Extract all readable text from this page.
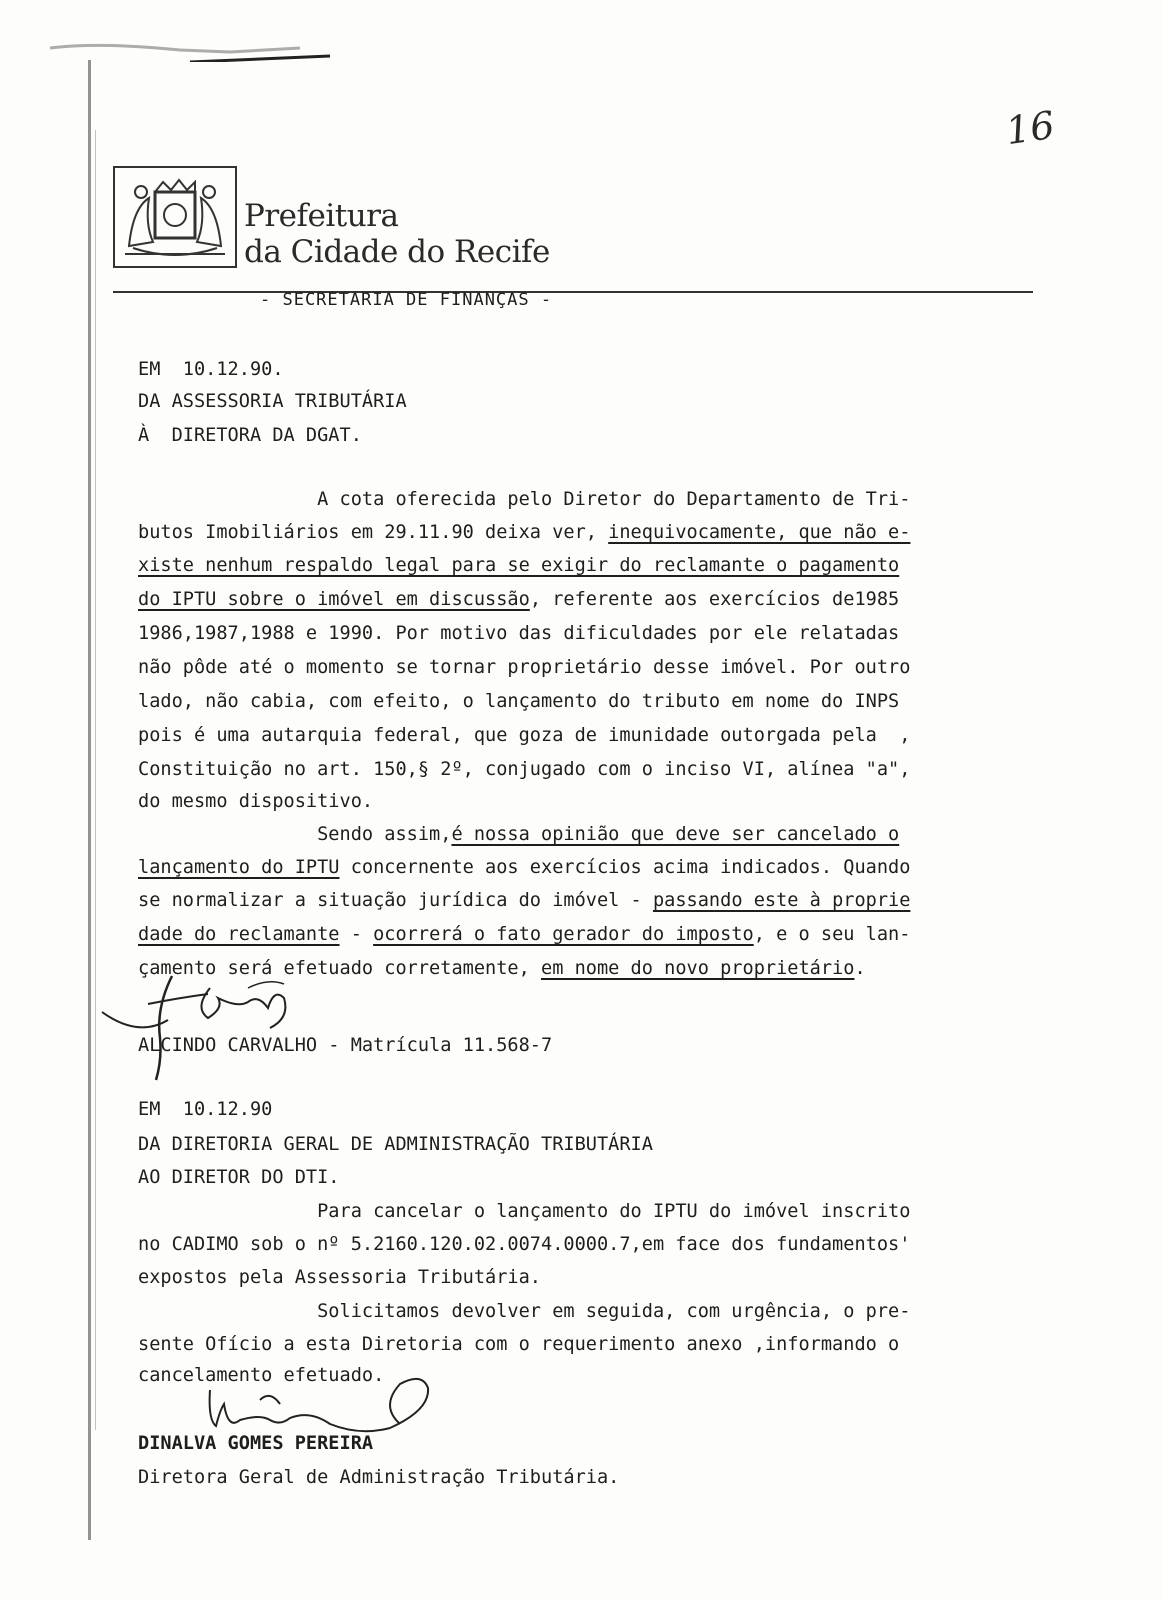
16
Prefeitura
da Cidade do Recife
- SECRETARIA DE FINANÇAS -
EM  10.12.90.
DA ASSESSORIA TRIBUTÁRIA
À  DIRETORA DA DGAT.
A cota oferecida pelo Diretor do Departamento de Tri-
butos Imobiliários em 29.11.90 deixa ver, inequivocamente, que não e-
xiste nenhum respaldo legal para se exigir do reclamante o pagamento
do IPTU sobre o imóvel em discussão, referente aos exercícios de1985
1986,1987,1988 e 1990. Por motivo das dificuldades por ele relatadas
não pôde até o momento se tornar proprietário desse imóvel. Por outro
lado, não cabia, com efeito, o lançamento do tributo em nome do INPS
pois é uma autarquia federal, que goza de imunidade outorgada pela  ,
Constituição no art. 150,§ 2º, conjugado com o inciso VI, alínea "a",
do mesmo dispositivo.
Sendo assim,é nossa opinião que deve ser cancelado o
lançamento do IPTU concernente aos exercícios acima indicados. Quando
se normalizar a situação jurídica do imóvel - passando este à proprie
dade do reclamante - ocorrerá o fato gerador do imposto, e o seu lan-
çamento será efetuado corretamente, em nome do novo proprietário.
ALCINDO CARVALHO - Matrícula 11.568-7
EM  10.12.90
DA DIRETORIA GERAL DE ADMINISTRAÇÃO TRIBUTÁRIA
AO DIRETOR DO DTI.
Para cancelar o lançamento do IPTU do imóvel inscrito
no CADIMO sob o nº 5.2160.120.02.0074.0000.7,em face dos fundamentos'
expostos pela Assessoria Tributária.
Solicitamos devolver em seguida, com urgência, o pre-
sente Ofício a esta Diretoria com o requerimento anexo ,informando o
cancelamento efetuado.
DINALVA GOMES PEREIRA
Diretora Geral de Administração Tributária.
